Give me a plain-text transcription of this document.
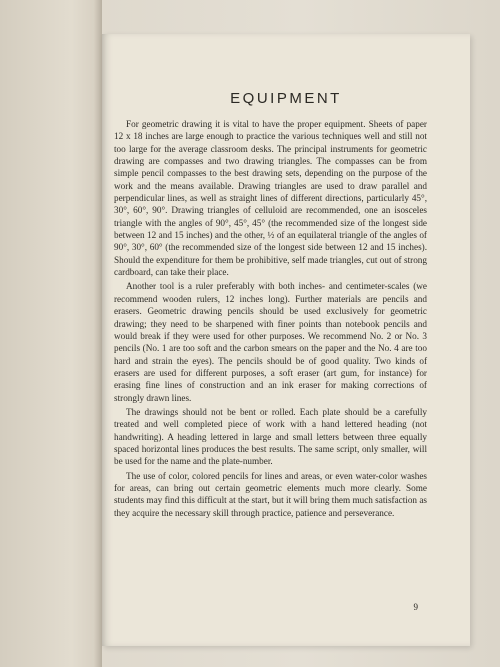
EQUIPMENT

For geometric drawing it is vital to have the proper equipment. Sheets of paper 12 x 18 inches are large enough to practice the various techniques well and still not too large for the average classroom desks. The principal instruments for geometric drawing are compasses and two drawing triangles. The compasses can be from simple pencil compasses to the best drawing sets, depending on the purpose of the work and the means available. Drawing triangles are used to draw parallel and perpendicular lines, as well as straight lines of different directions, particularly 45°, 30°, 60°, 90°. Drawing triangles of celluloid are recommended, one an isosceles triangle with the angles of 90°, 45°, 45° (the recommended size of the longest side between 12 and 15 inches) and the other, ½ of an equilateral triangle of the angles of 90°, 30°, 60° (the recommended size of the longest side between 12 and 15 inches). Should the expenditure for them be prohibitive, self made triangles, cut out of strong cardboard, can take their place.

Another tool is a ruler preferably with both inches- and centimeter-scales (we recommend wooden rulers, 12 inches long). Further materials are pencils and erasers. Geometric drawing pencils should be used exclusively for geometric drawing; they need to be sharpened with finer points than notebook pencils and would break if they were used for other purposes. We recommend No. 2 or No. 3 pencils (No. 1 are too soft and the carbon smears on the paper and the No. 4 are too hard and strain the eyes). The pencils should be of good quality. Two kinds of erasers are used for different purposes, a soft eraser (art gum, for instance) for erasing fine lines of construction and an ink eraser for making corrections of strongly drawn lines.

The drawings should not be bent or rolled. Each plate should be a carefully treated and well completed piece of work with a hand lettered heading (not handwriting). A heading lettered in large and small letters between three equally spaced horizontal lines produces the best results. The same script, only smaller, will be used for the name and the plate-number.

The use of color, colored pencils for lines and areas, or even water-color washes for areas, can bring out certain geometric elements much more clearly. Some students may find this difficult at the start, but it will bring them much satisfaction as they acquire the necessary skill through practice, patience and perseverance.

9
